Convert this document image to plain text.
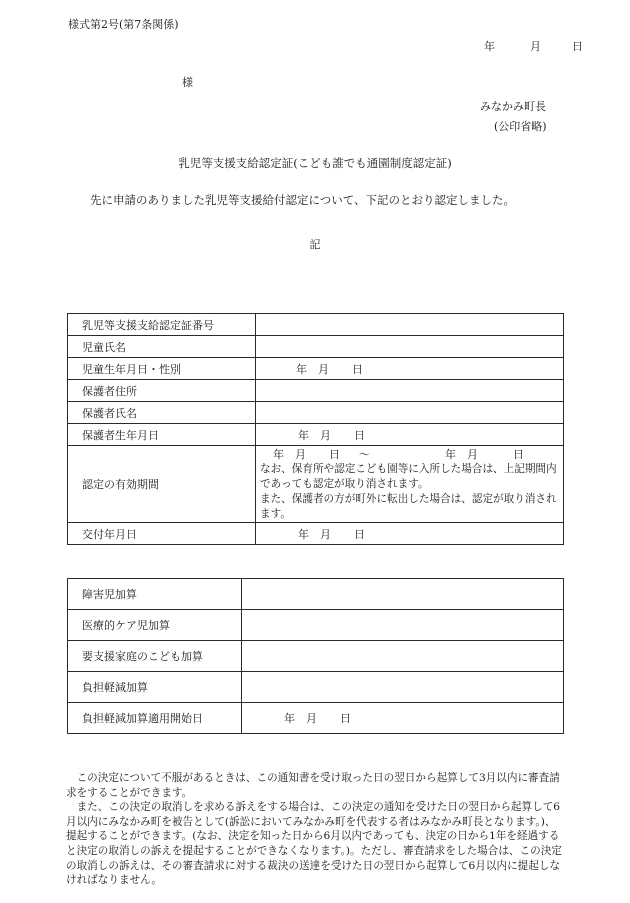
様式第2号(第7条関係)
年	月	日
様
みなかみ町長
(公印省略)
乳児等支援支給認定証(こども誰でも通園制度認定証)
先に申請のありました乳児等支援給付認定について、下記のとおり認定しました。
記
乳児等支援支給認定証番号	
児童氏名	
児童生年月日・性別	年 月 日
保護者住所	
保護者氏名	
保護者生年月日	年 月 日
認定の有効期間	年 月 日 ～ 年 月 日
なお、保育所や認定こども園等に入所した場合は、上記期間内であっても認定が取り消されます。
また、保護者の方が町外に転出した場合は、認定が取り消されます。

交付年月日	年 月 日
障害児加算	
医療的ケア児加算	
要支援家庭のこども加算	
負担軽減加算	
負担軽減加算適用開始日	年 月 日

この決定について不服があるときは、この通知書を受け取った日の翌日から起算して3月以内に審査請求をすることができます。

また、この決定の取消しを求める訴えをする場合は、この決定の通知を受けた日の翌日から起算して6月以内にみなかみ町を被告として(訴訟においてみなかみ町を代表する者はみなかみ町長となります。)、提起することができます。(なお、決定を知った日から6月以内であっても、決定の日から1年を経過すると決定の取消しの訴えを提起することができなくなります。)。ただし、審査請求をした場合は、この決定の取消しの訴えは、その審査請求に対する裁決の送達を受けた日の翌日から起算して6月以内に提起しなければなりません。
